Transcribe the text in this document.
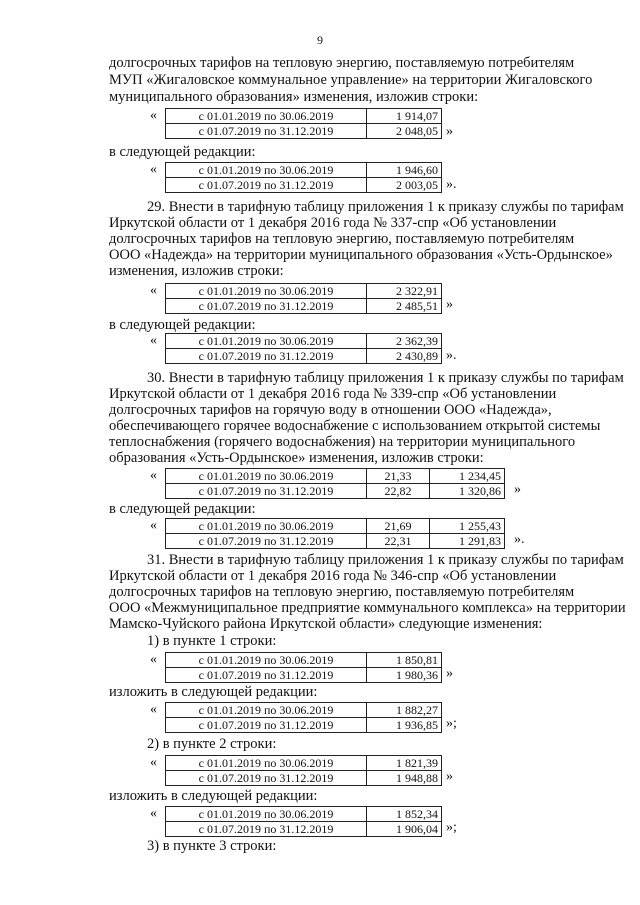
9
долгосрочных тарифов на тепловую энергию, поставляемую потребителям
МУП «Жигаловское коммунальное управление» на территории Жигаловского
муниципального образования» изменения, изложив строки:
«	с 01.01.2019 по 30.06.2019	1 914,07
с 01.07.2019 по 31.12.2019	2 048,05 »
в следующей редакции:
«	с 01.01.2019 по 30.06.2019	1 946,60
с 01.07.2019 по 31.12.2019	2 003,05 ».
29. Внести в тарифную таблицу приложения 1 к приказу службы по тарифам
Иркутской области от 1 декабря 2016 года № 337-спр «Об установлении
долгосрочных тарифов на тепловую энергию, поставляемую потребителям
ООО «Надежда» на территории муниципального образования «Усть-Ордынское»
изменения, изложив строки:
«	с 01.01.2019 по 30.06.2019	2 322,91
с 01.07.2019 по 31.12.2019	2 485,51 »
в следующей редакции:
«	с 01.01.2019 по 30.06.2019	2 362,39
с 01.07.2019 по 31.12.2019	2 430,89 ».
30. Внести в тарифную таблицу приложения 1 к приказу службы по тарифам
Иркутской области от 1 декабря 2016 года № 339-спр «Об установлении
долгосрочных тарифов на горячую воду в отношении ООО «Надежда»,
обеспечивающего горячее водоснабжение с использованием открытой системы
теплоснабжения (горячего водоснабжения) на территории муниципального
образования «Усть-Ордынское» изменения, изложив строки:
«	с 01.01.2019 по 30.06.2019	21,33	1 234,45
с 01.07.2019 по 31.12.2019	22,82	1 320,86 »
в следующей редакции:
«	с 01.01.2019 по 30.06.2019	21,69	1 255,43
с 01.07.2019 по 31.12.2019	22,31	1 291,83 ».
31. Внести в тарифную таблицу приложения 1 к приказу службы по тарифам
Иркутской области от 1 декабря 2016 года № 346-спр «Об установлении
долгосрочных тарифов на тепловую энергию, поставляемую потребителям
ООО «Межмуниципальное предприятие коммунального комплекса» на территории
Мамско-Чуйского района Иркутской области» следующие изменения:
1) в пункте 1 строки:
«	с 01.01.2019 по 30.06.2019	1 850,81
с 01.07.2019 по 31.12.2019	1 980,36 »
изложить в следующей редакции:
«	с 01.01.2019 по 30.06.2019	1 882,27
с 01.07.2019 по 31.12.2019	1 936,85 »;
2) в пункте 2 строки:
«	с 01.01.2019 по 30.06.2019	1 821,39
с 01.07.2019 по 31.12.2019	1 948,88 »
изложить в следующей редакции:
«	с 01.01.2019 по 30.06.2019	1 852,34
с 01.07.2019 по 31.12.2019	1 906,04 »;
3) в пункте 3 строки:
